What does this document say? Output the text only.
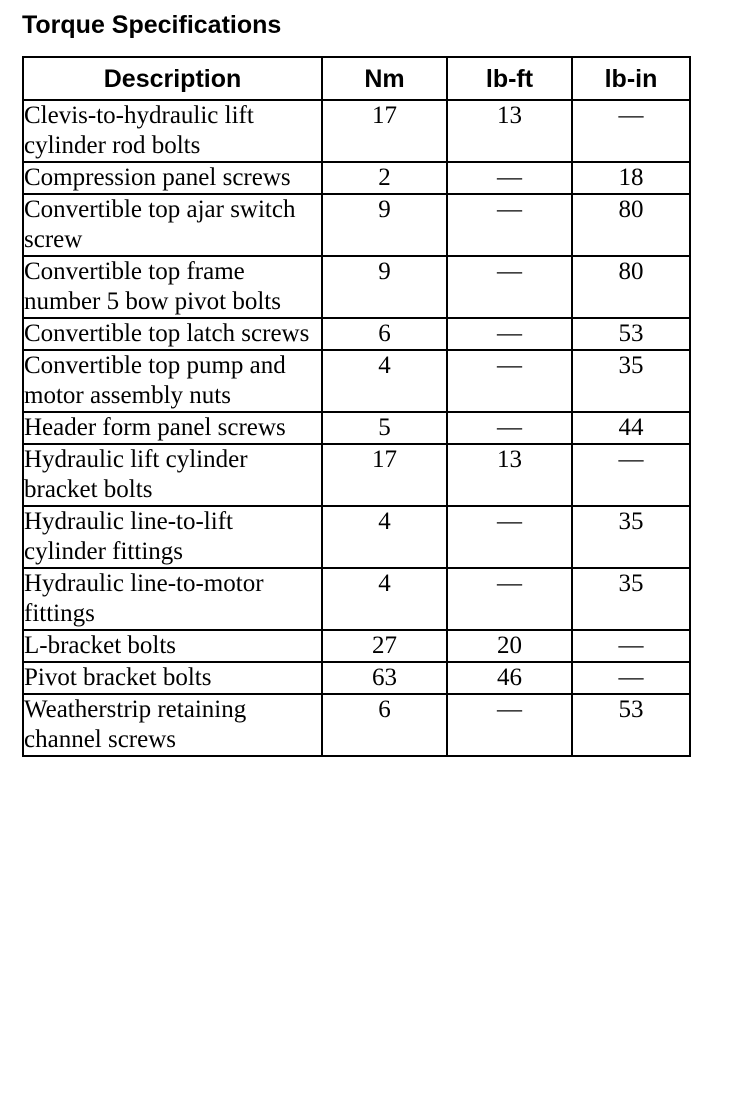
Torque Specifications
Description	Nm	lb-ft	lb-in
Clevis-to-hydraulic lift cylinder rod bolts	17	13	—
Compression panel screws	2	—	18
Convertible top ajar switch screw	9	—	80
Convertible top frame number 5 bow pivot bolts	9	—	80
Convertible top latch screws	6	—	53
Convertible top pump and motor assembly nuts	4	—	35
Header form panel screws	5	—	44
Hydraulic lift cylinder bracket bolts	17	13	—
Hydraulic line-to-lift cylinder fittings	4	—	35
Hydraulic line-to-motor fittings	4	—	35
L-bracket bolts	27	20	—
Pivot bracket bolts	63	46	—
Weatherstrip retaining channel screws	6	—	53
